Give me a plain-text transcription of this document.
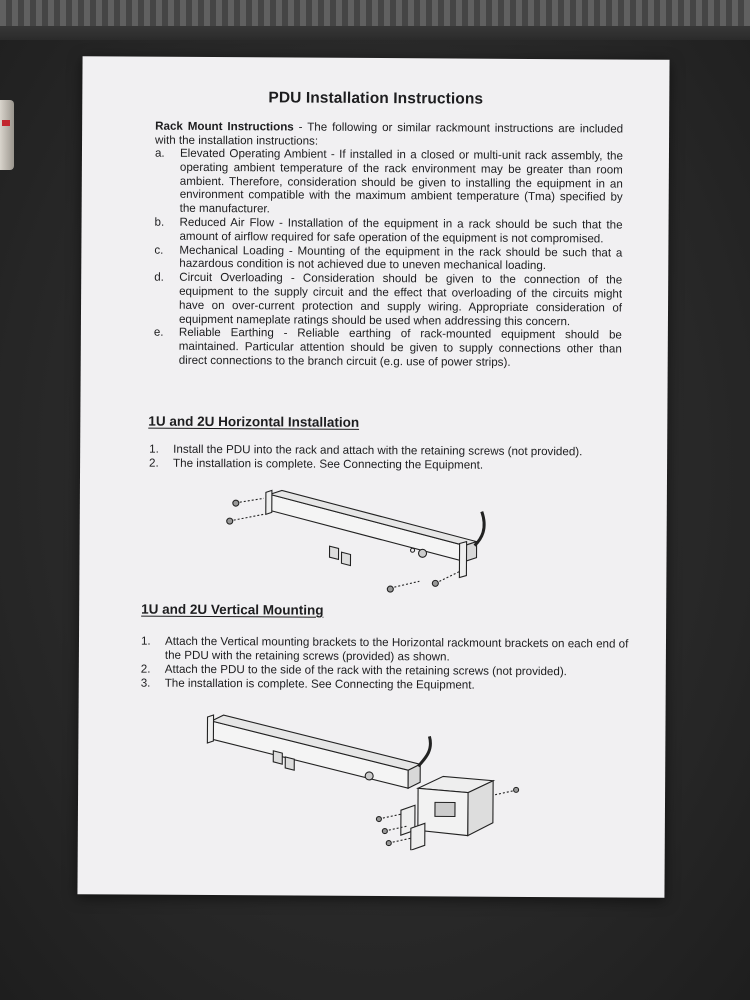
PDU Installation Instructions
Rack Mount Instructions - The following or similar rackmount instructions are included with the installation instructions:
a.	Elevated Operating Ambient - If installed in a closed or multi-unit rack assembly, the operating ambient temperature of the rack environment may be greater than room ambient. Therefore, consideration should be given to installing the equipment in an environment compatible with the maximum ambient temperature (Tma) specified by the manufacturer.
b.	Reduced Air Flow - Installation of the equipment in a rack should be such that the amount of airflow required for safe operation of the equipment is not compromised.
c.	Mechanical Loading - Mounting of the equipment in the rack should be such that a hazardous condition is not achieved due to uneven mechanical loading.
d.	Circuit Overloading - Consideration should be given to the connection of the equipment to the supply circuit and the effect that overloading of the circuits might have on over-current protection and supply wiring. Appropriate consideration of equipment nameplate ratings should be used when addressing this concern.
e.	Reliable Earthing - Reliable earthing of rack-mounted equipment should be maintained. Particular attention should be given to supply connections other than direct connections to the branch circuit (e.g. use of power strips).
1U and 2U Horizontal Installation
1.	Install the PDU into the rack and attach with the retaining screws (not provided).
2.	The installation is complete. See Connecting the Equipment.
1U and 2U Vertical Mounting
1.	Attach the Vertical mounting brackets to the Horizontal rackmount brackets on each end of the PDU with the retaining screws (provided) as shown.
2.	Attach the PDU to the side of the rack with the retaining screws (not provided).
3.	The installation is complete. See Connecting the Equipment.
